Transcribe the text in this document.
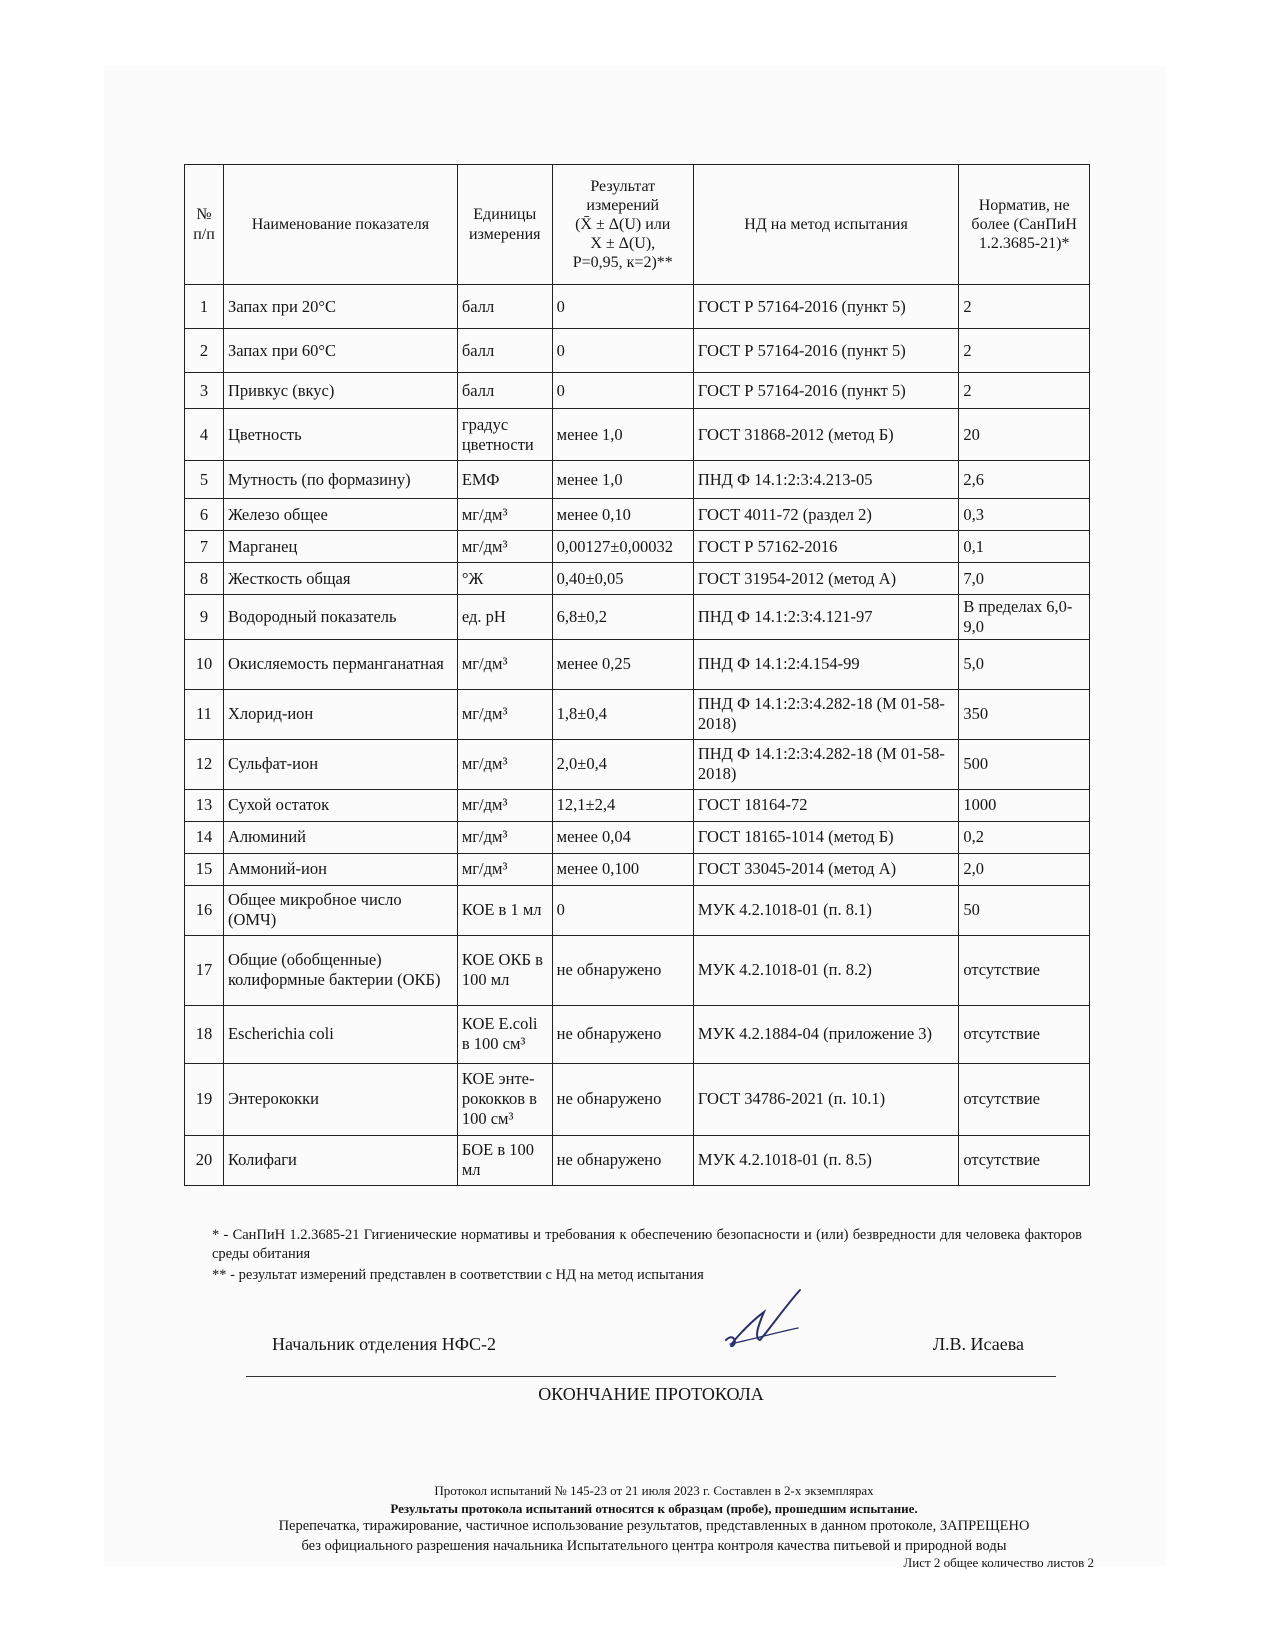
№ п/п	Наименование показателя	Единицы измерения	Результат измерений
(X̄ ± Δ(U) или
X ± Δ(U),
P=0,95, к=2)**	НД на метод испытания	Норматив, не более (СанПиН 1.2.3685-21)*
1	Запах при 20°С	балл	0	ГОСТ Р 57164-2016 (пункт 5)	2
2	Запах при 60°С	балл	0	ГОСТ Р 57164-2016 (пункт 5)	2
3	Привкус (вкус)	балл	0	ГОСТ Р 57164-2016 (пункт 5)	2
4	Цветность	градус цветности	менее 1,0	ГОСТ 31868-2012 (метод Б)	20
5	Мутность (по формазину)	ЕМФ	менее 1,0	ПНД Ф 14.1:2:3:4.213-05	2,6
6	Железо общее	мг/дм³	менее 0,10	ГОСТ 4011-72 (раздел 2)	0,3
7	Марганец	мг/дм³	0,00127±0,00032	ГОСТ Р 57162-2016	0,1
8	Жесткость общая	°Ж	0,40±0,05	ГОСТ 31954-2012 (метод А)	7,0
9	Водородный показатель	ед. pH	6,8±0,2	ПНД Ф 14.1:2:3:4.121-97	В пределах 6,0-9,0
10	Окисляемость перманганатная	мг/дм³	менее 0,25	ПНД Ф 14.1:2:4.154-99	5,0
11	Хлорид-ион	мг/дм³	1,8±0,4	ПНД Ф 14.1:2:3:4.282-18 (М 01-58-2018)	350
12	Сульфат-ион	мг/дм³	2,0±0,4	ПНД Ф 14.1:2:3:4.282-18 (М 01-58-2018)	500
13	Сухой остаток	мг/дм³	12,1±2,4	ГОСТ 18164-72	1000
14	Алюминий	мг/дм³	менее 0,04	ГОСТ 18165-1014 (метод Б)	0,2
15	Аммоний-ион	мг/дм³	менее 0,100	ГОСТ 33045-2014 (метод А)	2,0
16	Общее микробное число (ОМЧ)	КОЕ в 1 мл	0	МУК 4.2.1018-01 (п. 8.1)	50
17	Общие (обобщенные) колиформные бактерии (ОКБ)	КОЕ ОКБ в 100 мл	не обнаружено	МУК 4.2.1018-01 (п. 8.2)	отсутствие
18	Escherichia coli	КОЕ E.coli в 100 см³	не обнаружено	МУК 4.2.1884-04 (приложение 3)	отсутствие
19	Энтерококки	КОЕ энте-рококков в 100 см³	не обнаружено	ГОСТ 34786-2021 (п. 10.1)	отсутствие
20	Колифаги	БОЕ в 100 мл	не обнаружено	МУК 4.2.1018-01 (п. 8.5)	отсутствие
* - СанПиН 1.2.3685-21 Гигиенические нормативы и требования к обеспечению безопасности и (или) безвредности для человека факторов среды обитания
** - результат измерений представлен в соответствии с НД на метод испытания
Начальник отделения НФС-2	Л.В. Исаева
ОКОНЧАНИЕ ПРОТОКОЛА
Протокол испытаний № 145-23 от 21 июля 2023 г. Составлен в 2-х экземплярах
Результаты протокола испытаний относятся к образцам (пробе), прошедшим испытание.
Перепечатка, тиражирование, частичное использование результатов, представленных в данном протоколе, ЗАПРЕЩЕНО
без официального разрешения начальника Испытательного центра контроля качества питьевой и природной воды
Лист 2 общее количество листов 2
